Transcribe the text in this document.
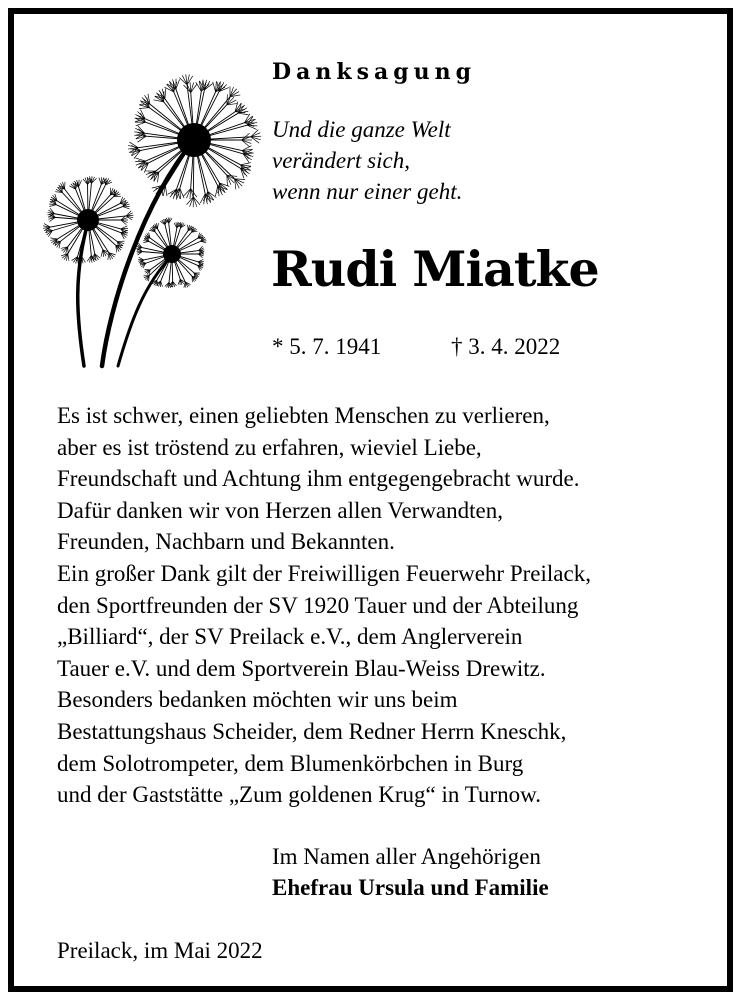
Danksagung
Und die ganze Welt
verändert sich,
wenn nur einer geht.
Rudi Miatke
* 5. 7. 1941	† 3. 4. 2022
Es ist schwer, einen geliebten Menschen zu verlieren,
aber es ist tröstend zu erfahren, wieviel Liebe,
Freundschaft und Achtung ihm entgegengebracht wurde.
Dafür danken wir von Herzen allen Verwandten,
Freunden, Nachbarn und Bekannten.
Ein großer Dank gilt der Freiwilligen Feuerwehr Preilack,
den Sportfreunden der SV 1920 Tauer und der Abteilung
„Billiard“, der SV Preilack e.V., dem Anglerverein
Tauer e.V. und dem Sportverein Blau-Weiss Drewitz.
Besonders bedanken möchten wir uns beim
Bestattungshaus Scheider, dem Redner Herrn Kneschk,
dem Solotrompeter, dem Blumenkörbchen in Burg
und der Gaststätte „Zum goldenen Krug“ in Turnow.
Im Namen aller Angehörigen
Ehefrau Ursula und Familie
Preilack, im Mai 2022
